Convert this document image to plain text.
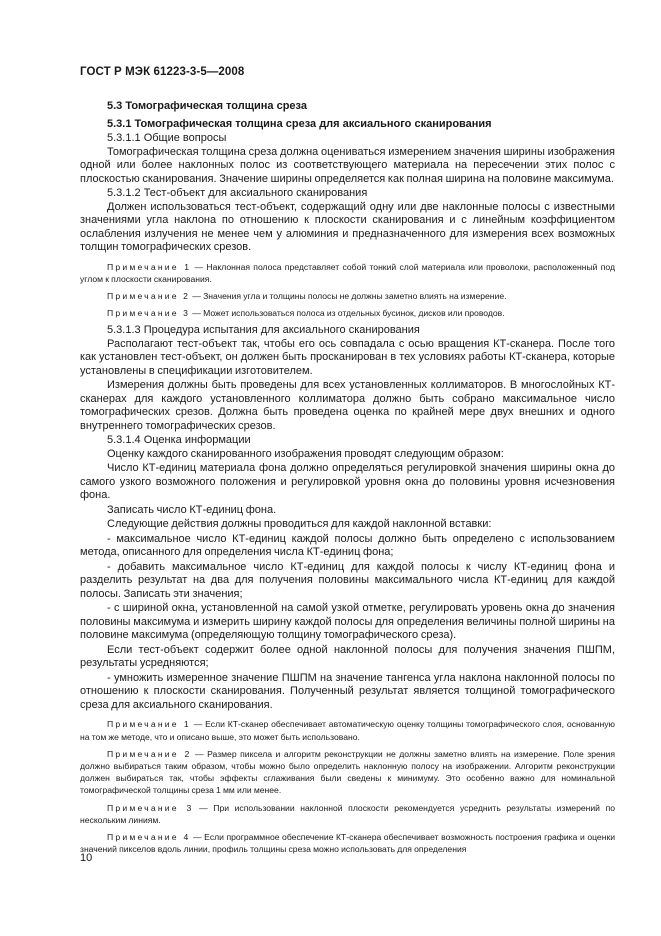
ГОСТ Р МЭК 61223-3-5—2008
5.3 Томографическая толщина среза
5.3.1 Томографическая толщина среза для аксиального сканирования
5.3.1.1 Общие вопросы
Томографическая толщина среза должна оцениваться измерением значения ширины изображения одной или более наклонных полос из соответствующего материала на пересечении этих полос с плоскостью сканирования. Значение ширины определяется как полная ширина на половине максимума.
5.3.1.2 Тест-объект для аксиального сканирования
Должен использоваться тест-объект, содержащий одну или две наклонные полосы с известными значениями угла наклона по отношению к плоскости сканирования и с линейным коэффициентом ослабления излучения не менее чем у алюминия и предназначенного для измерения всех возможных толщин томографических срезов.
Примечание 1 — Наклонная полоса представляет собой тонкий слой материала или проволоки, расположенный под углом к плоскости сканирования.
Примечание 2 — Значения угла и толщины полосы не должны заметно влиять на измерение.
Примечание 3 — Может использоваться полоса из отдельных бусинок, дисков или проводов.
5.3.1.3 Процедура испытания для аксиального сканирования
Располагают тест-объект так, чтобы его ось совпадала с осью вращения КТ-сканера. После того как установлен тест-объект, он должен быть просканирован в тех условиях работы КТ-сканера, которые установлены в спецификации изготовителем.
Измерения должны быть проведены для всех установленных коллиматоров. В многослойных КТ-сканерах для каждого установленного коллиматора должно быть собрано максимальное число томографических срезов. Должна быть проведена оценка по крайней мере двух внешних и одного внутреннего томографических срезов.
5.3.1.4 Оценка информации
Оценку каждого сканированного изображения проводят следующим образом:
Число КТ-единиц материала фона должно определяться регулировкой значения ширины окна до самого узкого возможного положения и регулировкой уровня окна до половины уровня исчезновения фона.
Записать число КТ-единиц фона.
Следующие действия должны проводиться для каждой наклонной вставки:
- максимальное число КТ-единиц каждой полосы должно быть определено с использованием метода, описанного для определения числа КТ-единиц фона;
- добавить максимальное число КТ-единиц для каждой полосы к числу КТ-единиц фона и разделить результат на два для получения половины максимального числа КТ-единиц для каждой полосы. Записать эти значения;
- с шириной окна, установленной на самой узкой отметке, регулировать уровень окна до значения половины максимума и измерить ширину каждой полосы для определения величины полной ширины на половине максимума (определяющую толщину томографического среза).
Если тест-объект содержит более одной наклонной полосы для получения значения ПШПМ, результаты усредняются;
- умножить измеренное значение ПШПМ на значение тангенса угла наклона наклонной полосы по отношению к плоскости сканирования. Полученный результат является толщиной томографического среза для аксиального сканирования.
Примечание 1 — Если КТ-сканер обеспечивает автоматическую оценку толщины томографического слоя, основанную на том же методе, что и описано выше, это может быть использовано.
Примечание 2 — Размер пиксела и алгоритм реконструкции не должны заметно влиять на измерение. Поле зрения должно выбираться таким образом, чтобы можно было определить наклонную полосу на изображении. Алгоритм реконструкции должен выбираться так, чтобы эффекты сглаживания были сведены к минимуму. Это особенно важно для номинальной томографической толщины среза 1 мм или менее.
Примечание 3 — При использовании наклонной плоскости рекомендуется усреднить результаты измерений по нескольким линиям.
Примечание 4 — Если программное обеспечение КТ-сканера обеспечивает возможность построения графика и оценки значений пикселов вдоль линии, профиль толщины среза можно использовать для определения
10
